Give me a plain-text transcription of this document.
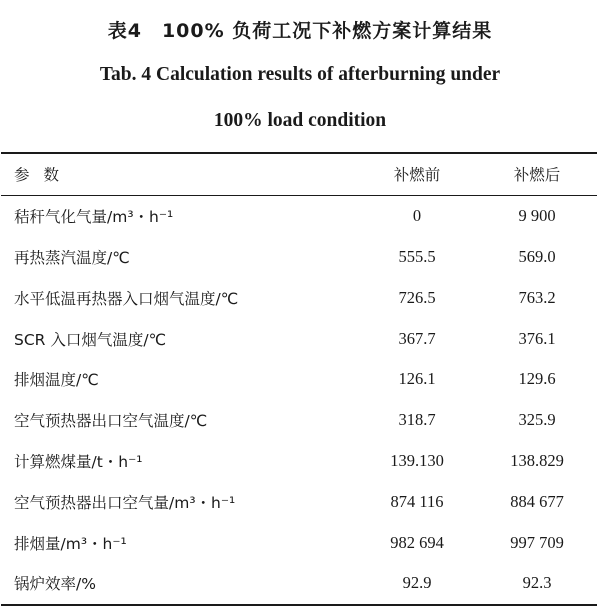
表4　100% 负荷工况下补燃方案计算结果
Tab. 4 Calculation results of afterburning under
100% load condition
参数	补燃前	补燃后
秸秆气化气量/m³・h⁻¹	0	9 900
再热蒸汽温度/℃	555.5	569.0
水平低温再热器入口烟气温度/℃	726.5	763.2
SCR 入口烟气温度/℃	367.7	376.1
排烟温度/℃	126.1	129.6
空气预热器出口空气温度/℃	318.7	325.9
计算燃煤量/t・h⁻¹	139.130	138.829
空气预热器出口空气量/m³・h⁻¹	874 116	884 677
排烟量/m³・h⁻¹	982 694	997 709
锅炉效率/%	92.9	92.3
